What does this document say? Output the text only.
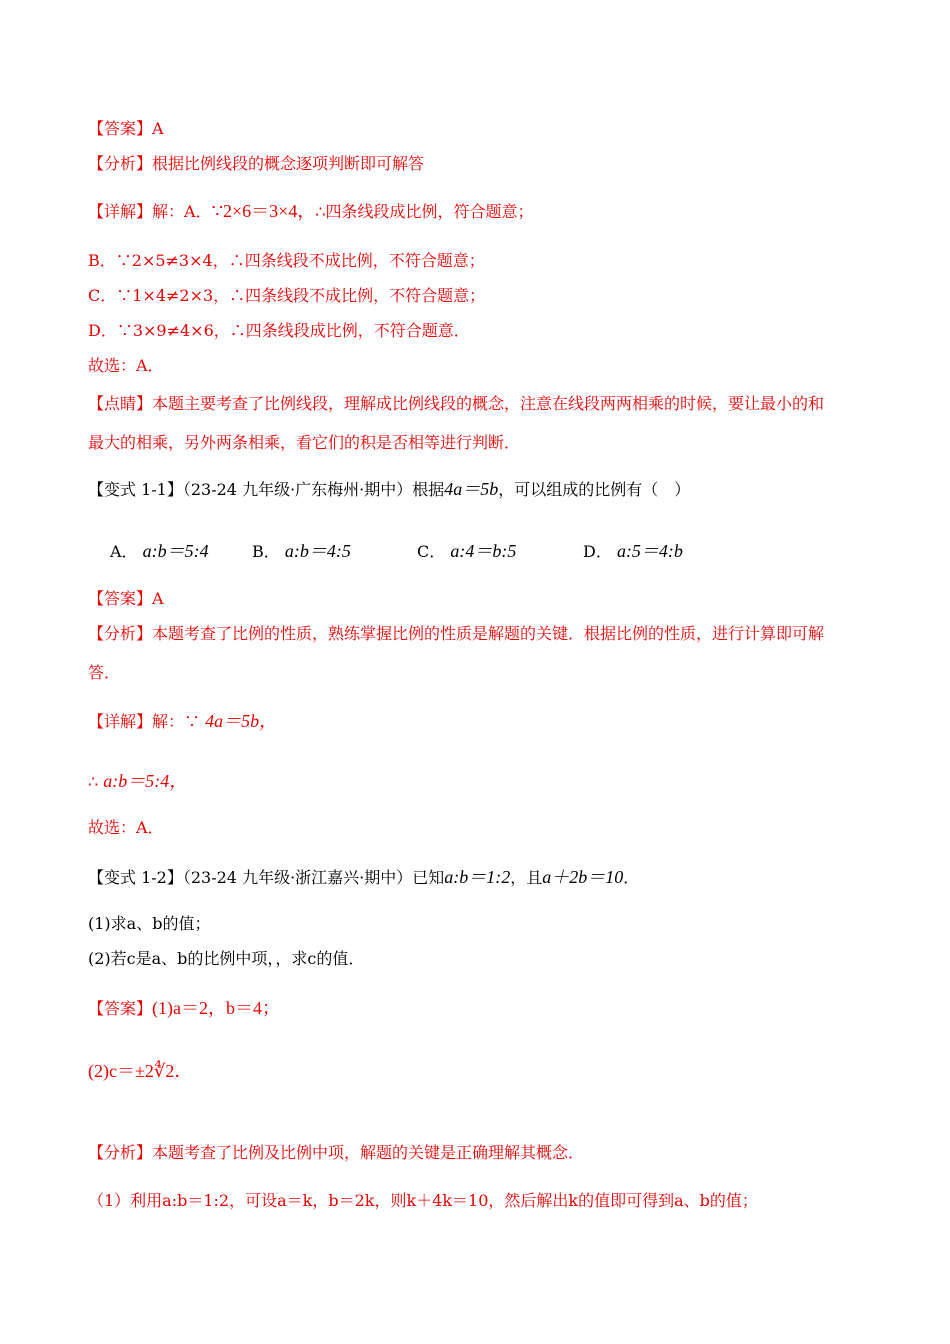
【答案】A
【分析】根据比例线段的概念逐项判断即可解答
【详解】解：A．∵2×6＝3×4，∴四条线段成比例，符合题意；
B．∵2×5≠3×4，∴四条线段不成比例，不符合题意；
C．∵1×4≠2×3，∴四条线段不成比例，不符合题意；
D．∵3×9≠4×6，∴四条线段成比例，不符合题意．
故选：A．
【点睛】本题主要考查了比例线段，理解成比例线段的概念，注意在线段两两相乘的时候，要让最小的和
最大的相乘，另外两条相乘，看它们的积是否相等进行判断．
【变式 1-1】（23-24 九年级·广东梅州·期中）根据4a＝5b，可以组成的比例有（　）
A． a:b＝5:4	B． a:b＝4:5	C． a:4＝b:5	D． a:5＝4:b
【答案】A
【分析】本题考查了比例的性质，熟练掌握比例的性质是解题的关键．根据比例的性质，进行计算即可解
答．
【详解】解：∵ 4a＝5b，
∴ a:b＝5:4，
故选：A．
【变式 1-2】（23-24 九年级·浙江嘉兴·期中）已知a:b＝1:2，且a＋2b＝10．
(1)求a、b的值；
(2)若c是a、b的比例中项，，求c的值．
【答案】(1)a＝2，b＝4；
(2)c＝±2∜2．
【分析】本题考查了比例及比例中项，解题的关键是正确理解其概念．
（1）利用a:b＝1:2，可设a＝k，b＝2k，则k＋4k＝10，然后解出k的值即可得到a、b的值；
